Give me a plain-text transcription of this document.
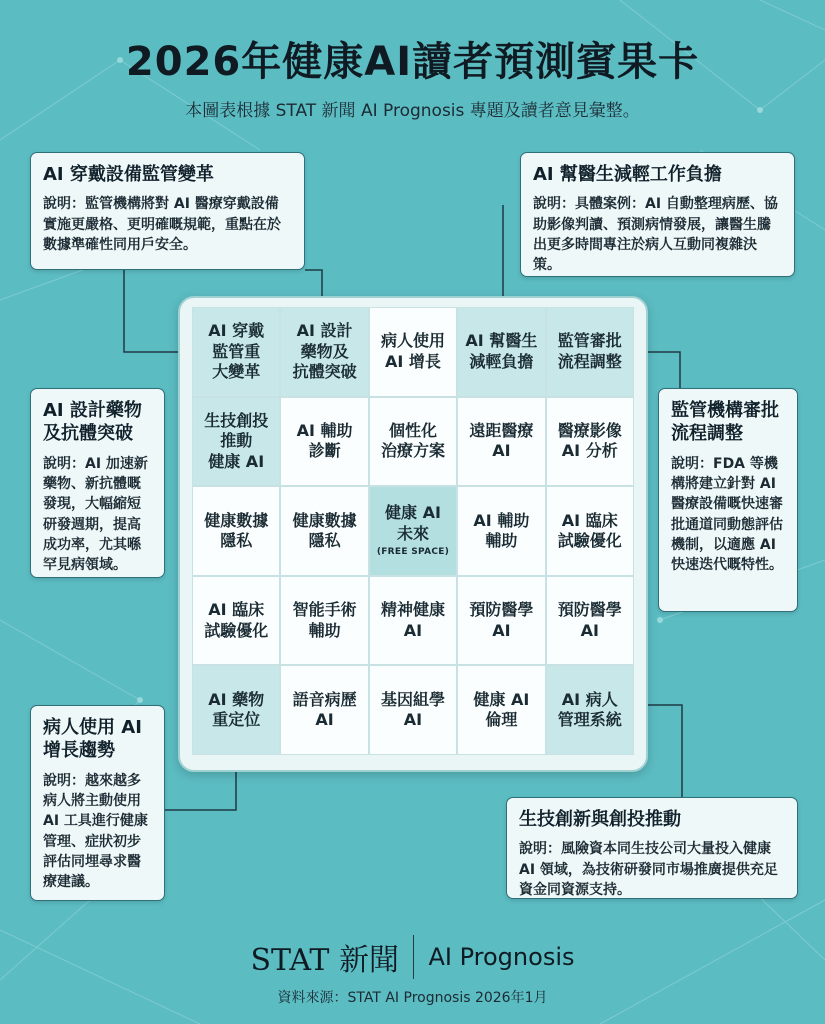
2026年健康AI讀者預測賓果卡
本圖表根據 STAT 新聞 AI Prognosis 專題及讀者意見彙整。
AI 穿戴設備監管變革
說明：監管機構將對 AI 醫療穿戴設備實施更嚴格、更明確嘅規範，重點在於數據準確性同用戶安全。
AI 幫醫生減輕工作負擔
說明：具體案例：AI 自動整理病歷、協助影像判讀、預測病情發展，讓醫生騰出更多時間專注於病人互動同複雜決策。
AI 設計藥物及抗體突破
說明：AI 加速新藥物、新抗體嘅發現，大幅縮短研發週期，提高成功率，尤其喺罕見病領域。
監管機構審批流程調整
說明：FDA 等機構將建立針對 AI 醫療設備嘅快速審批通道同動態評估機制，以適應 AI 快速迭代嘅特性。
病人使用 AI 增長趨勢
說明：越來越多病人將主動使用 AI 工具進行健康管理、症狀初步評估同埋尋求醫療建議。
生技創新與創投推動
說明：風險資本同生技公司大量投入健康 AI 領域，為技術研發同市場推廣提供充足資金同資源支持。
AI 穿戴
監管重
大變革
AI 設計
藥物及
抗體突破
病人使用
AI 增長
AI 幫醫生
減輕負擔
監管審批
流程調整
生技創投
推動
健康 AI
AI 輔助
診斷
個性化
治療方案
遠距醫療
AI
醫療影像
AI 分析
健康數據
隱私
健康數據
隱私
健康 AI
未來
(FREE SPACE)
AI 輔助
輔助
AI 臨床
試驗優化
AI 臨床
試驗優化
智能手術
輔助
精神健康
AI
預防醫學
AI
預防醫學
AI
AI 藥物
重定位
語音病歷
AI
基因組學
AI
健康 AI
倫理
AI 病人
管理系統
STAT 新聞	AI Prognosis
資料來源：STAT AI Prognosis 2026年1月
